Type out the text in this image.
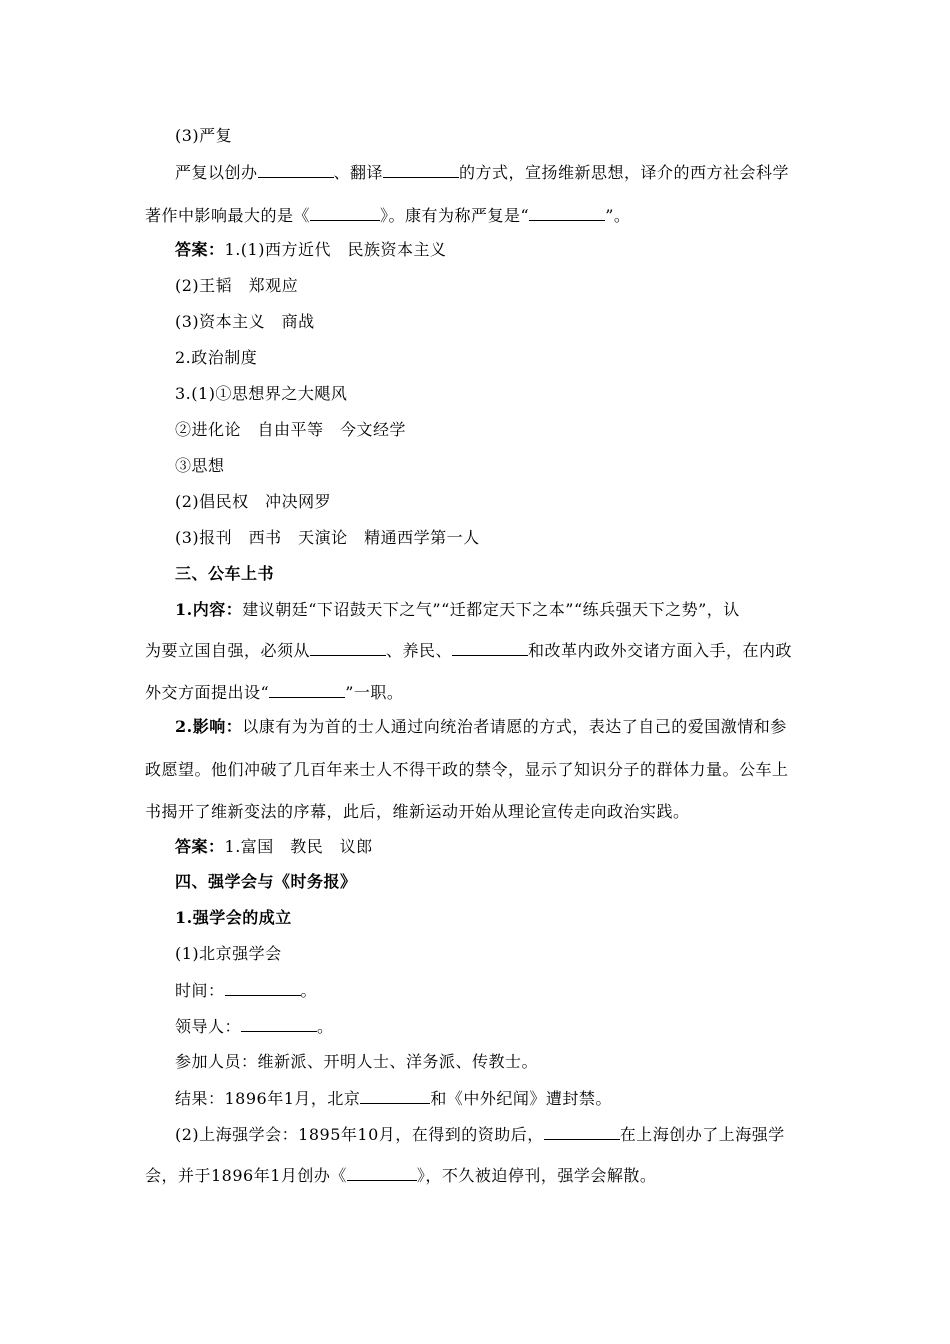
(3)严复
严复以创办	、翻译	的方式，宣扬维新思想，译介的西方社会科学
著作中影响最大的是《	》。康有为称严复是“	”。
答案：1.(1)西方近代　民族资本主义
(2)王韬　郑观应
(3)资本主义　商战
2.政治制度
3.(1)①思想界之大飓风
②进化论　自由平等　今文经学
③思想
(2)倡民权　冲决网罗
(3)报刊　西书　天演论　精通西学第一人
三、公车上书
1.内容：建议朝廷“下诏鼓天下之气”“迁都定天下之本”“练兵强天下之势”，认
为要立国自强，必须从	、养民、	和改革内政外交诸方面入手，在内政
外交方面提出设“	”一职。
2.影响：以康有为为首的士人通过向统治者请愿的方式，表达了自己的爱国激情和参
政愿望。他们冲破了几百年来士人不得干政的禁令，显示了知识分子的群体力量。公车上
书揭开了维新变法的序幕，此后，维新运动开始从理论宣传走向政治实践。
答案：1.富国　教民　议郎
四、强学会与《时务报》
1.强学会的成立
(1)北京强学会
时间：	。
领导人：	。
参加人员：维新派、开明人士、洋务派、传教士。
结果：1896年1月，北京	和《中外纪闻》遭封禁。
(2)上海强学会：1895年10月，在得到的资助后，	在上海创办了上海强学
会，并于1896年1月创办《	》，不久被迫停刊，强学会解散。
